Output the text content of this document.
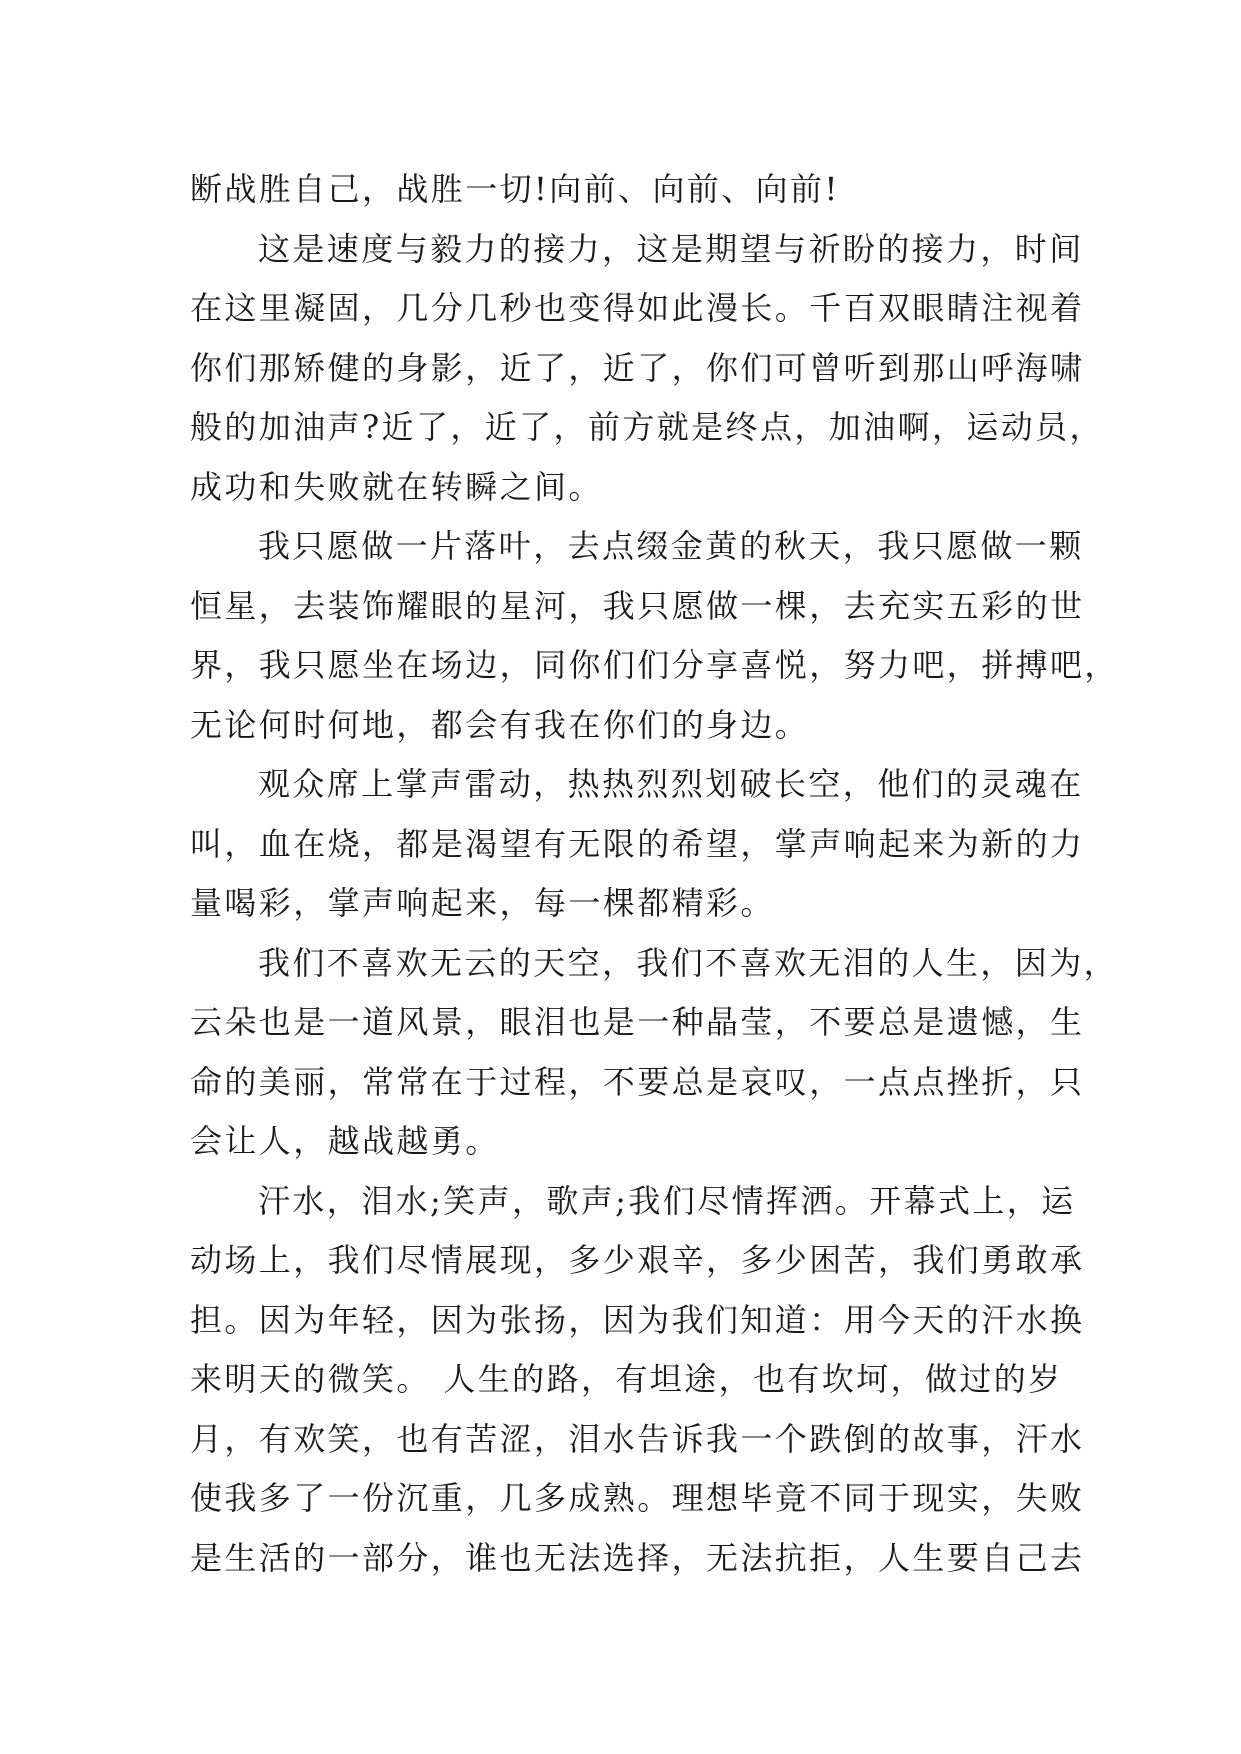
断战胜自己，战胜一切!向前、向前、向前!
这是速度与毅力的接力，这是期望与祈盼的接力，时间
在这里凝固，几分几秒也变得如此漫长。千百双眼睛注视着
你们那矫健的身影，近了，近了，你们可曾听到那山呼海啸
般的加油声?近了，近了，前方就是终点，加油啊，运动员，
成功和失败就在转瞬之间。
我只愿做一片落叶，去点缀金黄的秋天，我只愿做一颗
恒星，去装饰耀眼的星河，我只愿做一棵，去充实五彩的世
界，我只愿坐在场边，同你们们分享喜悦，努力吧，拼搏吧，
无论何时何地，都会有我在你们的身边。
观众席上掌声雷动，热热烈烈划破长空，他们的灵魂在
叫，血在烧，都是渴望有无限的希望，掌声响起来为新的力
量喝彩，掌声响起来，每一棵都精彩。
我们不喜欢无云的天空，我们不喜欢无泪的人生，因为，
云朵也是一道风景，眼泪也是一种晶莹，不要总是遗憾，生
命的美丽，常常在于过程，不要总是哀叹，一点点挫折，只
会让人，越战越勇。
汗水，泪水;笑声，歌声;我们尽情挥洒。开幕式上，运
动场上，我们尽情展现，多少艰辛，多少困苦，我们勇敢承
担。因为年轻，因为张扬，因为我们知道：用今天的汗水换
来明天的微笑。 人生的路，有坦途，也有坎坷，做过的岁
月，有欢笑，也有苦涩，泪水告诉我一个跌倒的故事，汗水
使我多了一份沉重，几多成熟。理想毕竟不同于现实，失败
是生活的一部分，谁也无法选择，无法抗拒，人生要自己去
